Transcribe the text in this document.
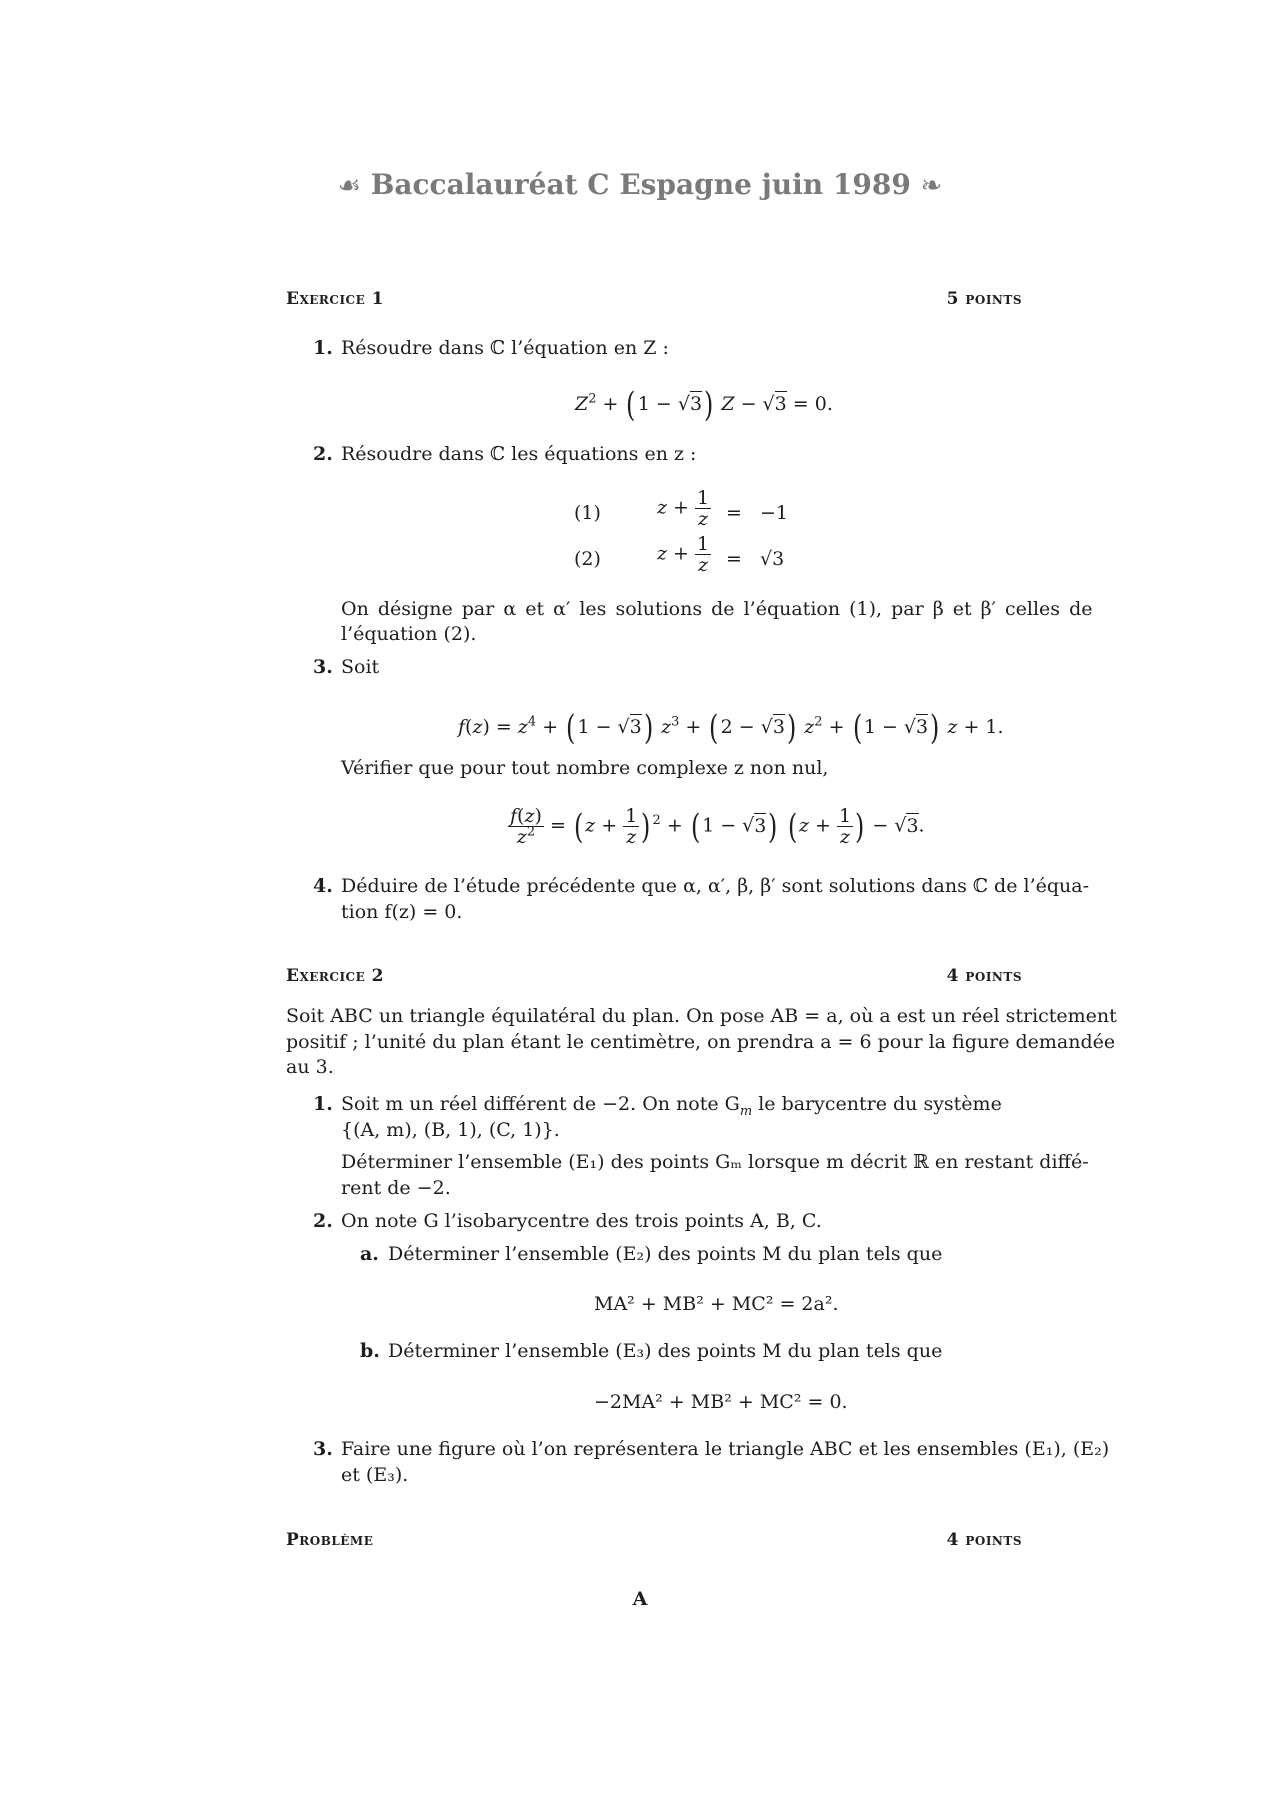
☙ Baccalauréat C Espagne juin 1989 ❧
Exercice 1	5 points
1. Résoudre dans ℂ l’équation en Z :
$Z^2$ + ( 1 − √3) Z − √3 = 0.
2. Résoudre dans ℂ les équations en z :
(1)	$z + \frac{1}{z} = -1$
(2)	$z + \frac{1}{z} = √3$
On désigne par α et α′ les solutions de l’équation (1), par β et β′ celles de
l’équation (2).
3. Soit
$f(z) = z^4$ + ( 1 − √3) $z^3$ + ( 2 − √3) $z^2$ + ( 1 − √3) z + 1.
Vérifier que pour tout nombre complexe z non nul,
$\frac{f(z)}{z^2}$ = ( $z + \frac{1}{z}$ ) $^2$ + ( 1 − √3) ( $z + \frac{1}{z}$ ) − √3.
4. Déduire de l’étude précédente que α, α′, β, β′ sont solutions dans ℂ de l’équa-
tion f(z) = 0.
Exercice 2	4 points
Soit ABC un triangle équilatéral du plan. On pose AB = a, où a est un réel strictement
positif ; l’unité du plan étant le centimètre, on prendra a = 6 pour la figure demandée
au 3.
1. Soit m un réel différent de −2. On note $G_m$ le barycentre du système
{(A, m), (B, 1), (C, 1)}.
Déterminer l’ensemble (E₁) des points Gₘ lorsque m décrit ℝ en restant diffé-
rent de −2.
2. On note G l’isobarycentre des trois points A, B, C.
a. Déterminer l’ensemble (E₂) des points M du plan tels que
MA² + MB² + MC² = 2a².
b. Déterminer l’ensemble (E₃) des points M du plan tels que
−2MA² + MB² + MC² = 0.
3. Faire une figure où l’on représentera le triangle ABC et les ensembles (E₁), (E₂)
et (E₃).
Problème	4 points
A
